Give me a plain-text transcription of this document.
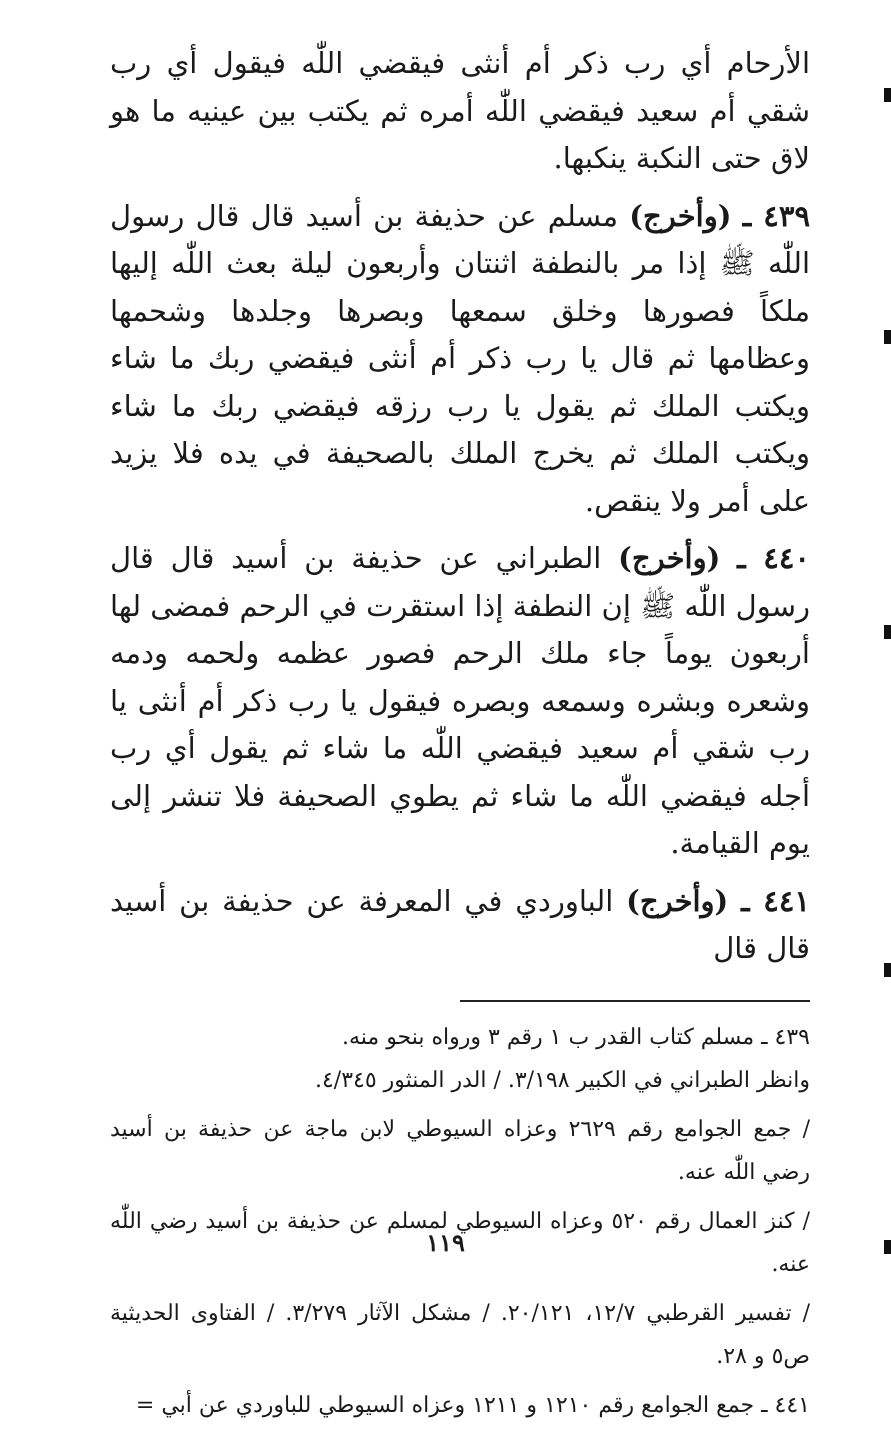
الأرحام أي رب ذكر أم أنثى فيقضي اللّٰه فيقول أي رب شقي أم سعيد فيقضي اللّٰه أمره ثم يكتب بين عينيه ما هو لاق حتى النكبة ينكبها.

٤٣٩ ـ (وأخرج) مسلم عن حذيفة بن أسيد قال قال رسول اللّٰه ﷺ إذا مر بالنطفة اثنتان وأربعون ليلة بعث اللّٰه إليها ملكاً فصورها وخلق سمعها وبصرها وجلدها وشحمها وعظامها ثم قال يا رب ذكر أم أنثى فيقضي ربك ما شاء ويكتب الملك ثم يقول يا رب رزقه فيقضي ربك ما شاء ويكتب الملك ثم يخرج الملك بالصحيفة في يده فلا يزيد على أمر ولا ينقص.

٤٤٠ ـ (وأخرج) الطبراني عن حذيفة بن أسيد قال قال رسول اللّٰه ﷺ إن النطفة إذا استقرت في الرحم فمضى لها أربعون يوماً جاء ملك الرحم فصور عظمه ولحمه ودمه وشعره وبشره وسمعه وبصره فيقول يا رب ذكر أم أنثى يا رب شقي أم سعيد فيقضي اللّٰه ما شاء ثم يقول أي رب أجله فيقضي اللّٰه ما شاء ثم يطوي الصحيفة فلا تنشر إلى يوم القيامة.

٤٤١ ـ (وأخرج) الباوردي في المعرفة عن حذيفة بن أسيد قال قال

٤٣٩ ـ مسلم كتاب القدر ب ١ رقم ٣ ورواه بنحو منه.
وانظر الطبراني في الكبير ٣/١٩٨. / الدر المنثور ٤/٣٤٥.
/ جمع الجوامع رقم ٢٦٢٩ وعزاه السيوطي لابن ماجة عن حذيفة بن أسيد رضي اللّٰه عنه.
/ كنز العمال رقم ٥٢٠ وعزاه السيوطي لمسلم عن حذيفة بن أسيد رضي اللّٰه عنه.
/ تفسير القرطبي ١٢/٧، ٢٠/١٢١. / مشكل الآثار ٣/٢٧٩. / الفتاوى الحديثية ص٥ و ٢٨.
٤٤١ ـ جمع الجوامع رقم ١٢١٠ و ١٢١١ وعزاه السيوطي للباوردي عن أبي =
١١٩
